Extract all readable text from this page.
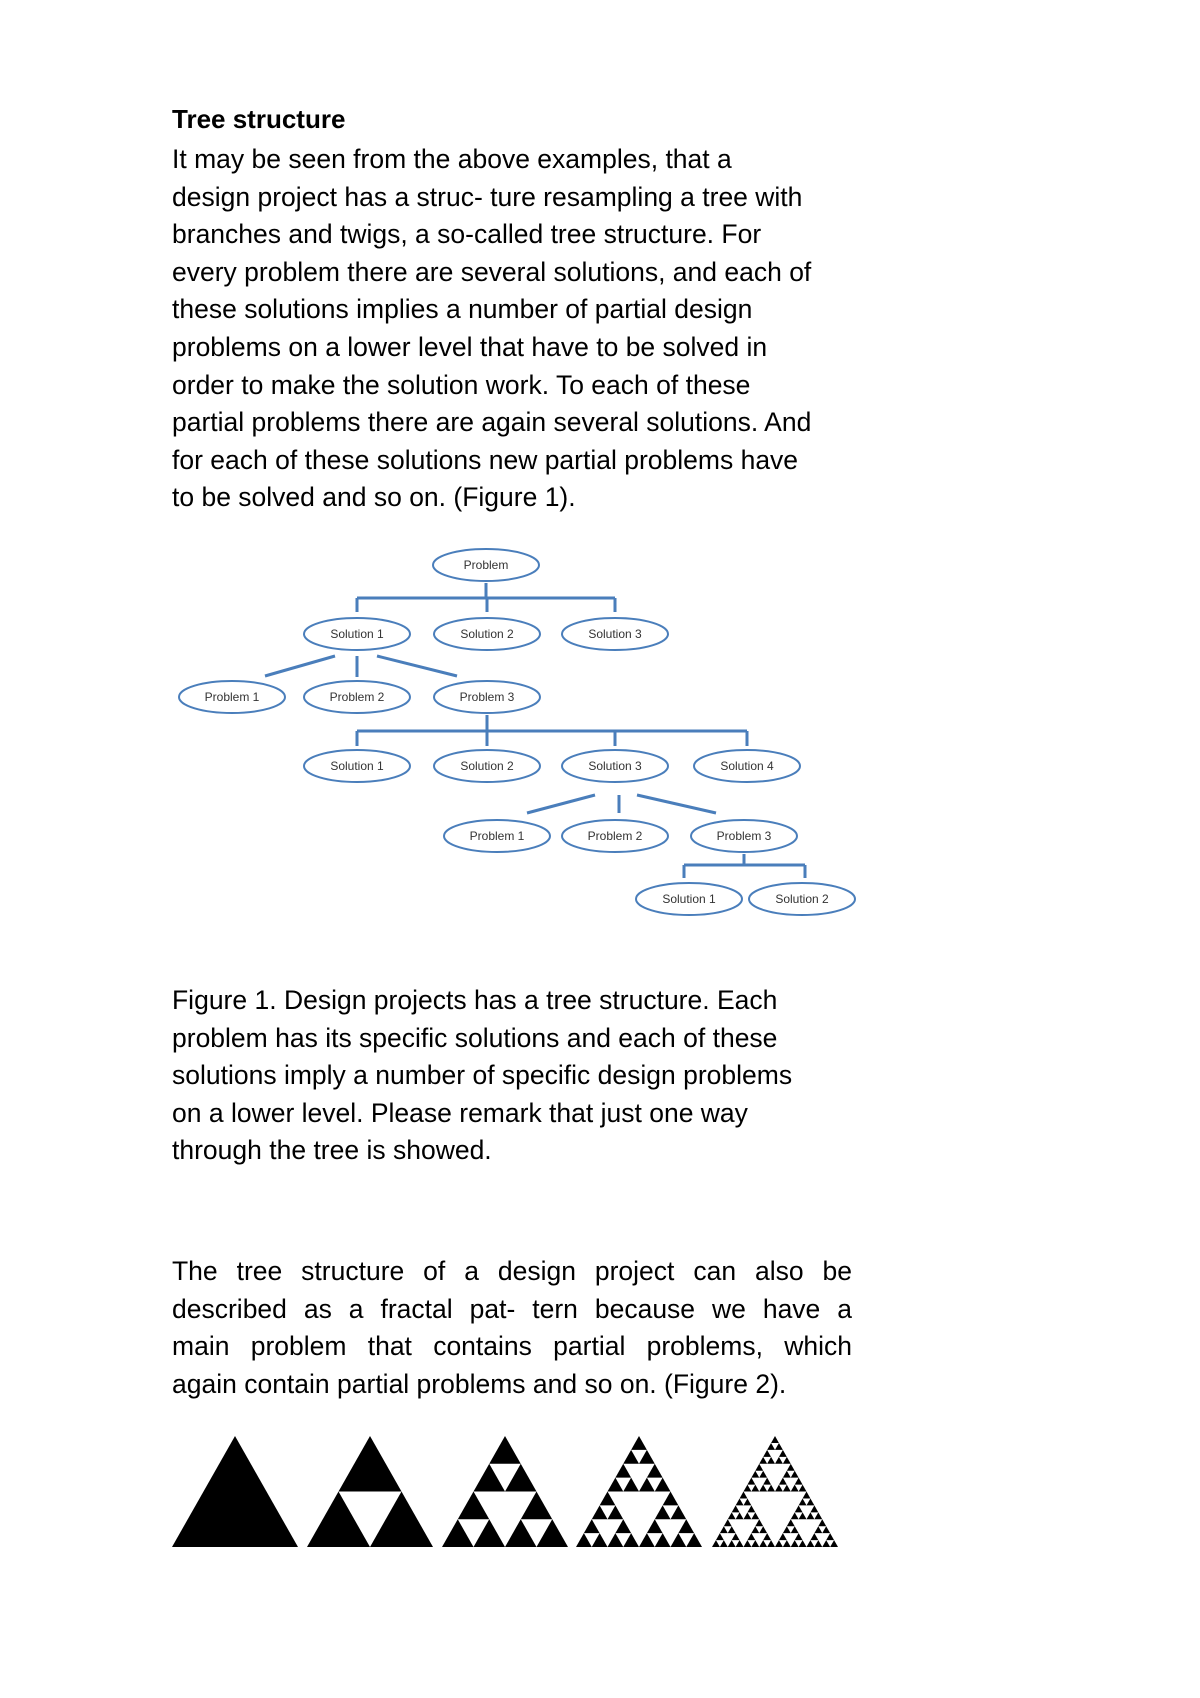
Tree structure

It may be seen from the above examples, that a
design project has a struc- ture resampling a tree with
branches and twigs, a so-called tree structure. For
every problem there are several solutions, and each of
these solutions implies a number of partial design
problems on a lower level that have to be solved in
order to make the solution work. To each of these
partial problems there are again several solutions. And
for each of these solutions new partial problems have
to be solved and so on. (Figure 1).

Problem
Solution 1	Solution 2	Solution 3
Problem 1	Problem 2	Problem 3
Solution 1	Solution 2	Solution 3	Solution 4
Problem 1	Problem 2	Problem 3
Solution 1	Solution 2

Figure 1. Design projects has a tree structure. Each
problem has its specific solutions and each of these
solutions imply a number of specific design problems
on a lower level. Please remark that just one way
through the tree is showed.

The tree structure of a design project can also be
described as a fractal pat- tern because we have a
main problem that contains partial problems, which
again contain partial problems and so on. (Figure 2).
